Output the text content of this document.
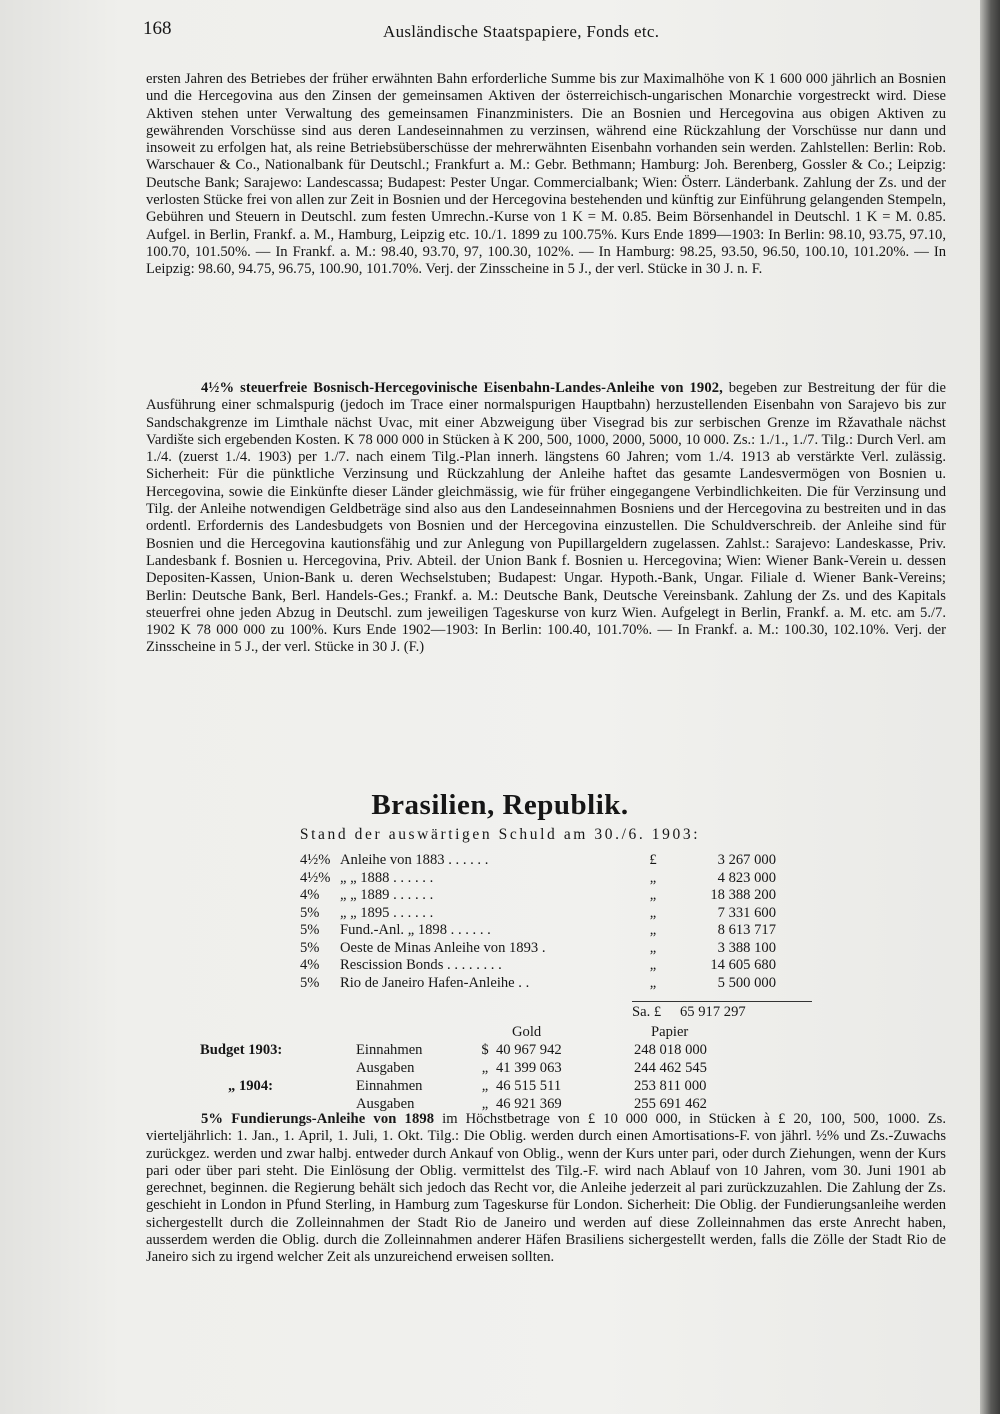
168	Ausländische Staatspapiere, Fonds etc.

ersten Jahren des Betriebes der früher erwähnten Bahn erforderliche Summe bis zur Maximalhöhe von K 1 600 000 jährlich an Bosnien und die Hercegovina aus den Zinsen der gemeinsamen Aktiven der österreichisch-ungarischen Monarchie vorgestreckt wird. Diese Aktiven stehen unter Verwaltung des gemeinsamen Finanzministers. Die an Bosnien und Hercegovina aus obigen Aktiven zu gewährenden Vorschüsse sind aus deren Landeseinnahmen zu verzinsen, während eine Rückzahlung der Vorschüsse nur dann und insoweit zu erfolgen hat, als reine Betriebsüberschüsse der mehrerwähnten Eisenbahn vorhanden sein werden. Zahlstellen: Berlin: Rob. Warschauer & Co., Nationalbank für Deutschl.; Frankfurt a. M.: Gebr. Bethmann; Hamburg: Joh. Berenberg, Gossler & Co.; Leipzig: Deutsche Bank; Sarajewo: Landescassa; Budapest: Pester Ungar. Commercialbank; Wien: Österr. Länderbank. Zahlung der Zs. und der verlosten Stücke frei von allen zur Zeit in Bosnien und der Hercegovina bestehenden und künftig zur Einführung gelangenden Stempeln, Gebühren und Steuern in Deutschl. zum festen Umrechn.-Kurse von 1 K = M. 0.85. Beim Börsenhandel in Deutschl. 1 K = M. 0.85. Aufgel. in Berlin, Frankf. a. M., Hamburg, Leipzig etc. 10./1. 1899 zu 100.75%. Kurs Ende 1899—1903: In Berlin: 98.10, 93.75, 97.10, 100.70, 101.50%. — In Frankf. a. M.: 98.40, 93.70, 97, 100.30, 102%. — In Hamburg: 98.25, 93.50, 96.50, 100.10, 101.20%. — In Leipzig: 98.60, 94.75, 96.75, 100.90, 101.70%. Verj. der Zinsscheine in 5 J., der verl. Stücke in 30 J. n. F.

4½% steuerfreie Bosnisch-Hercegovinische Eisenbahn-Landes-Anleihe von 1902, begeben zur Bestreitung der für die Ausführung einer schmalspurig (jedoch im Trace einer normalspurigen Hauptbahn) herzustellenden Eisenbahn von Sarajevo bis zur Sandschakgrenze im Limthale nächst Uvac, mit einer Abzweigung über Visegrad bis zur serbischen Grenze im Ržavathale nächst Vardište sich ergebenden Kosten. K 78 000 000 in Stücken à K 200, 500, 1000, 2000, 5000, 10 000. Zs.: 1./1., 1./7. Tilg.: Durch Verl. am 1./4. (zuerst 1./4. 1903) per 1./7. nach einem Tilg.-Plan innerh. längstens 60 Jahren; vom 1./4. 1913 ab verstärkte Verl. zulässig. Sicherheit: Für die pünktliche Verzinsung und Rückzahlung der Anleihe haftet das gesamte Landesvermögen von Bosnien u. Hercegovina, sowie die Einkünfte dieser Länder gleichmässig, wie für früher eingegangene Verbindlichkeiten. Die für Verzinsung und Tilg. der Anleihe notwendigen Geldbeträge sind also aus den Landeseinnahmen Bosniens und der Hercegovina zu bestreiten und in das ordentl. Erfordernis des Landesbudgets von Bosnien und der Hercegovina einzustellen. Die Schuldverschreib. der Anleihe sind für Bosnien und die Hercegovina kautionsfähig und zur Anlegung von Pupillargeldern zugelassen. Zahlst.: Sarajevo: Landeskasse, Priv. Landesbank f. Bosnien u. Hercegovina, Priv. Abteil. der Union Bank f. Bosnien u. Hercegovina; Wien: Wiener Bank-Verein u. dessen Depositen-Kassen, Union-Bank u. deren Wechselstuben; Budapest: Ungar. Hypoth.-Bank, Ungar. Filiale d. Wiener Bank-Vereins; Berlin: Deutsche Bank, Berl. Handels-Ges.; Frankf. a. M.: Deutsche Bank, Deutsche Vereinsbank. Zahlung der Zs. und des Kapitals steuerfrei ohne jeden Abzug in Deutschl. zum jeweiligen Tageskurse von kurz Wien. Aufgelegt in Berlin, Frankf. a. M. etc. am 5./7. 1902 K 78 000 000 zu 100%. Kurs Ende 1902—1903: In Berlin: 100.40, 101.70%. — In Frankf. a. M.: 100.30, 102.10%. Verj. der Zinsscheine in 5 J., der verl. Stücke in 30 J. (F.)

Brasilien, Republik.
Stand der auswärtigen Schuld am 30./6. 1903:
4½% Anleihe von 1883 . . . . . .	£	3 267 000
4½% „ „ 1888 . . . . . .	„	4 823 000
4% „ „ 1889 . . . . . .	„	18 388 200
5% „ „ 1895 . . . . . .	„	7 331 600
5% Fund.-Anl. „ 1898 . . . . . .	„	8 613 717
5% Oeste de Minas Anleihe von 1893 .	„	3 388 100
4% Rescission Bonds . . . . . . . .	„	14 605 680
5% Rio de Janeiro Hafen-Anleihe . .	„	5 500 000
Sa. £ 65 917 297
Gold	Papier
Budget 1903:	Einnahmen	$ 40 967 942	248 018 000
Ausgaben	„ 41 399 063	244 462 545
„ 1904:	Einnahmen	„ 46 515 511	253 811 000
Ausgaben	„ 46 921 369	255 691 462

5% Fundierungs-Anleihe von 1898 im Höchstbetrage von £ 10 000 000, in Stücken à £ 20, 100, 500, 1000. Zs. vierteljährlich: 1. Jan., 1. April, 1. Juli, 1. Okt. Tilg.: Die Oblig. werden durch einen Amortisations-F. von jährl. ½% und Zs.-Zuwachs zurückgez. werden und zwar halbj. entweder durch Ankauf von Oblig., wenn der Kurs unter pari, oder durch Ziehungen, wenn der Kurs pari oder über pari steht. Die Einlösung der Oblig. vermittelst des Tilg.-F. wird nach Ablauf von 10 Jahren, vom 30. Juni 1901 ab gerechnet, beginnen. die Regierung behält sich jedoch das Recht vor, die Anleihe jederzeit al pari zurückzuzahlen. Die Zahlung der Zs. geschieht in London in Pfund Sterling, in Hamburg zum Tageskurse für London. Sicherheit: Die Oblig. der Fundierungsanleihe werden sichergestellt durch die Zolleinnahmen der Stadt Rio de Janeiro und werden auf diese Zolleinnahmen das erste Anrecht haben, ausserdem werden die Oblig. durch die Zolleinnahmen anderer Häfen Brasiliens sichergestellt werden, falls die Zölle der Stadt Rio de Janeiro sich zu irgend welcher Zeit als unzureichend erweisen sollten.
